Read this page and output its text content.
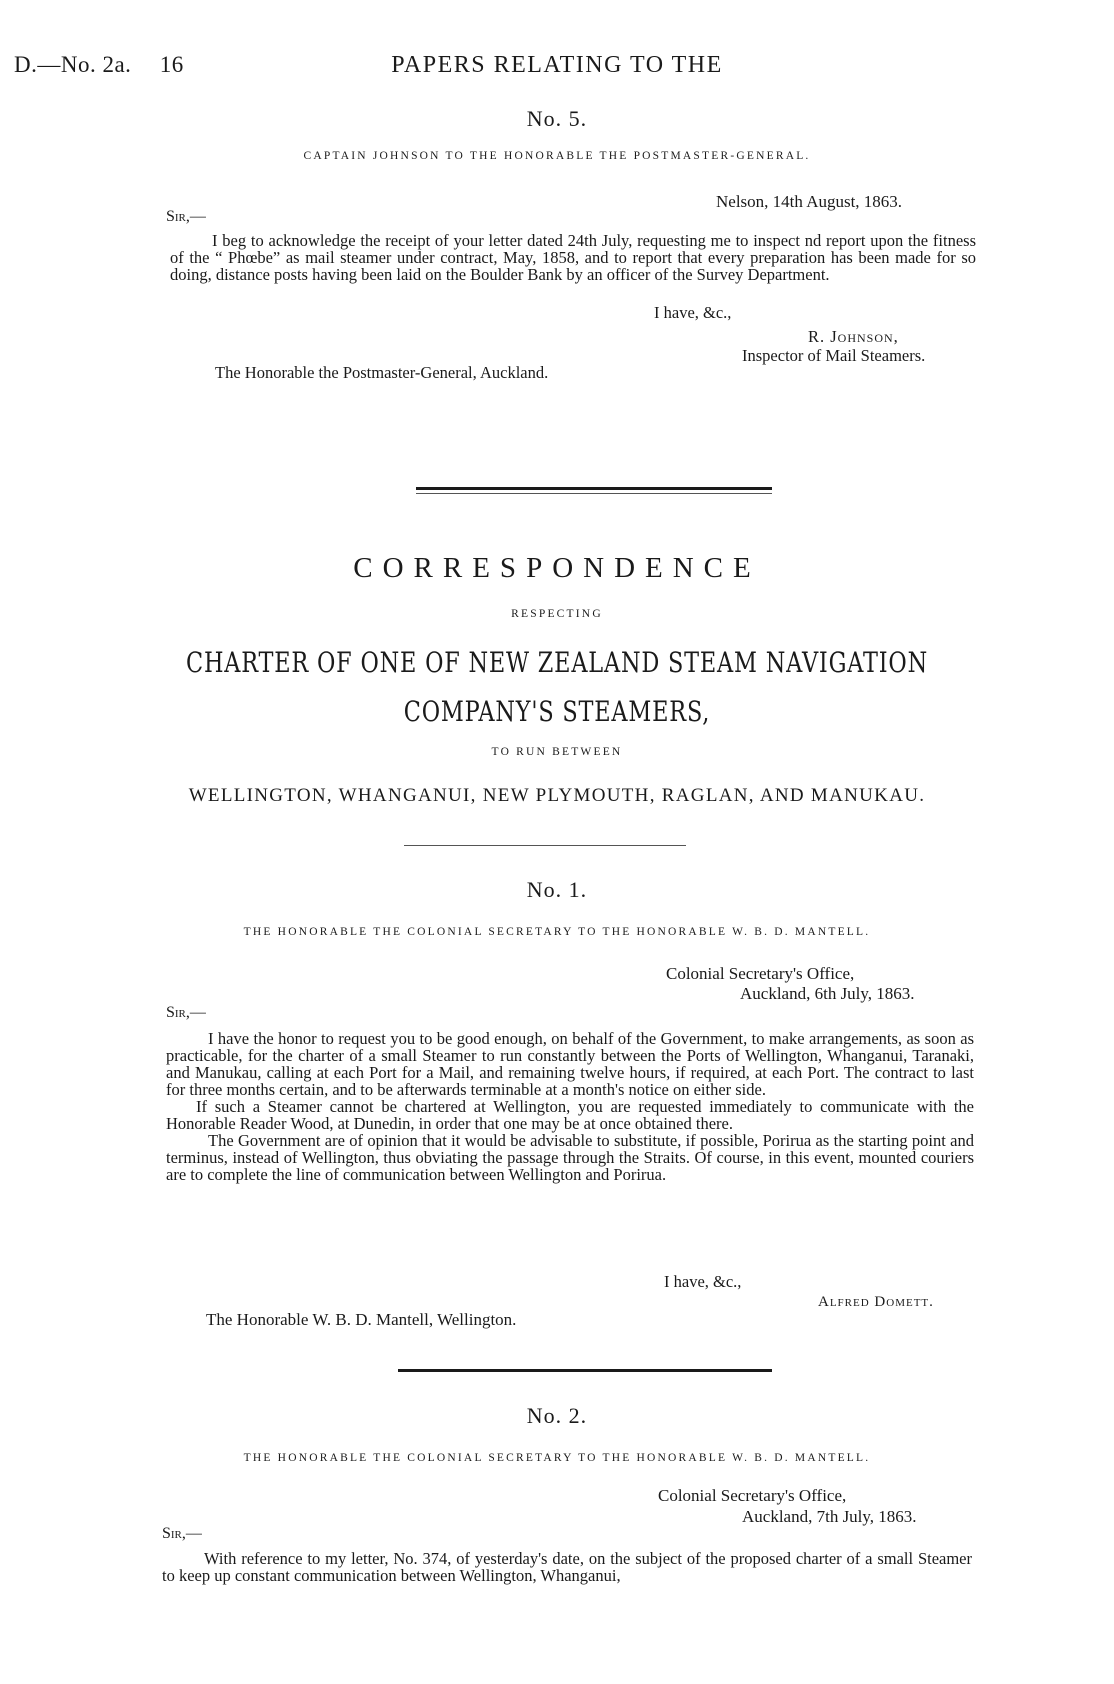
D.—No. 2a. 16	PAPERS RELATING TO THE
No. 5.
CAPTAIN JOHNSON TO THE HONORABLE THE POSTMASTER-GENERAL.
Nelson, 14th August, 1863.
Sir,—

I beg to acknowledge the receipt of your letter dated 24th July, requesting me to inspect nd report upon the fitness of the “ Phœbe” as mail steamer under contract, May, 1858, and to report that every preparation has been made for so doing, distance posts having been laid on the Boulder Bank by an officer of the Survey Department.

I have, &c.,
R. Johnson,
Inspector of Mail Steamers.
The Honorable the Postmaster-General, Auckland.
CORRESPONDENCE
RESPECTING
CHARTER OF ONE OF NEW ZEALAND STEAM NAVIGATION
COMPANY'S STEAMERS,
TO RUN BETWEEN
WELLINGTON, WHANGANUI, NEW PLYMOUTH, RAGLAN, AND MANUKAU.
No. 1.
THE HONORABLE THE COLONIAL SECRETARY TO THE HONORABLE W. B. D. MANTELL.
Colonial Secretary's Office,
Auckland, 6th July, 1863.
Sir,—

I have the honor to request you to be good enough, on behalf of the Government, to make arrangements, as soon as practicable, for the charter of a small Steamer to run constantly between the Ports of Wellington, Whanganui, Taranaki, and Manukau, calling at each Port for a Mail, and remaining twelve hours, if required, at each Port. The contract to last for three months certain, and to be afterwards terminable at a month's notice on either side.

If such a Steamer cannot be chartered at Wellington, you are requested immediately to communicate with the Honorable Reader Wood, at Dunedin, in order that one may be at once obtained there.

The Government are of opinion that it would be advisable to substitute, if possible, Porirua as the starting point and terminus, instead of Wellington, thus obviating the passage through the Straits. Of course, in this event, mounted couriers are to complete the line of communication between Wellington and Porirua.

I have, &c.,
Alfred Domett.
The Honorable W. B. D. Mantell, Wellington.
No. 2.
THE HONORABLE THE COLONIAL SECRETARY TO THE HONORABLE W. B. D. MANTELL.
Colonial Secretary's Office,
Auckland, 7th July, 1863.
Sir,—

With reference to my letter, No. 374, of yesterday's date, on the subject of the proposed charter of a small Steamer to keep up constant communication between Wellington, Whanganui,
